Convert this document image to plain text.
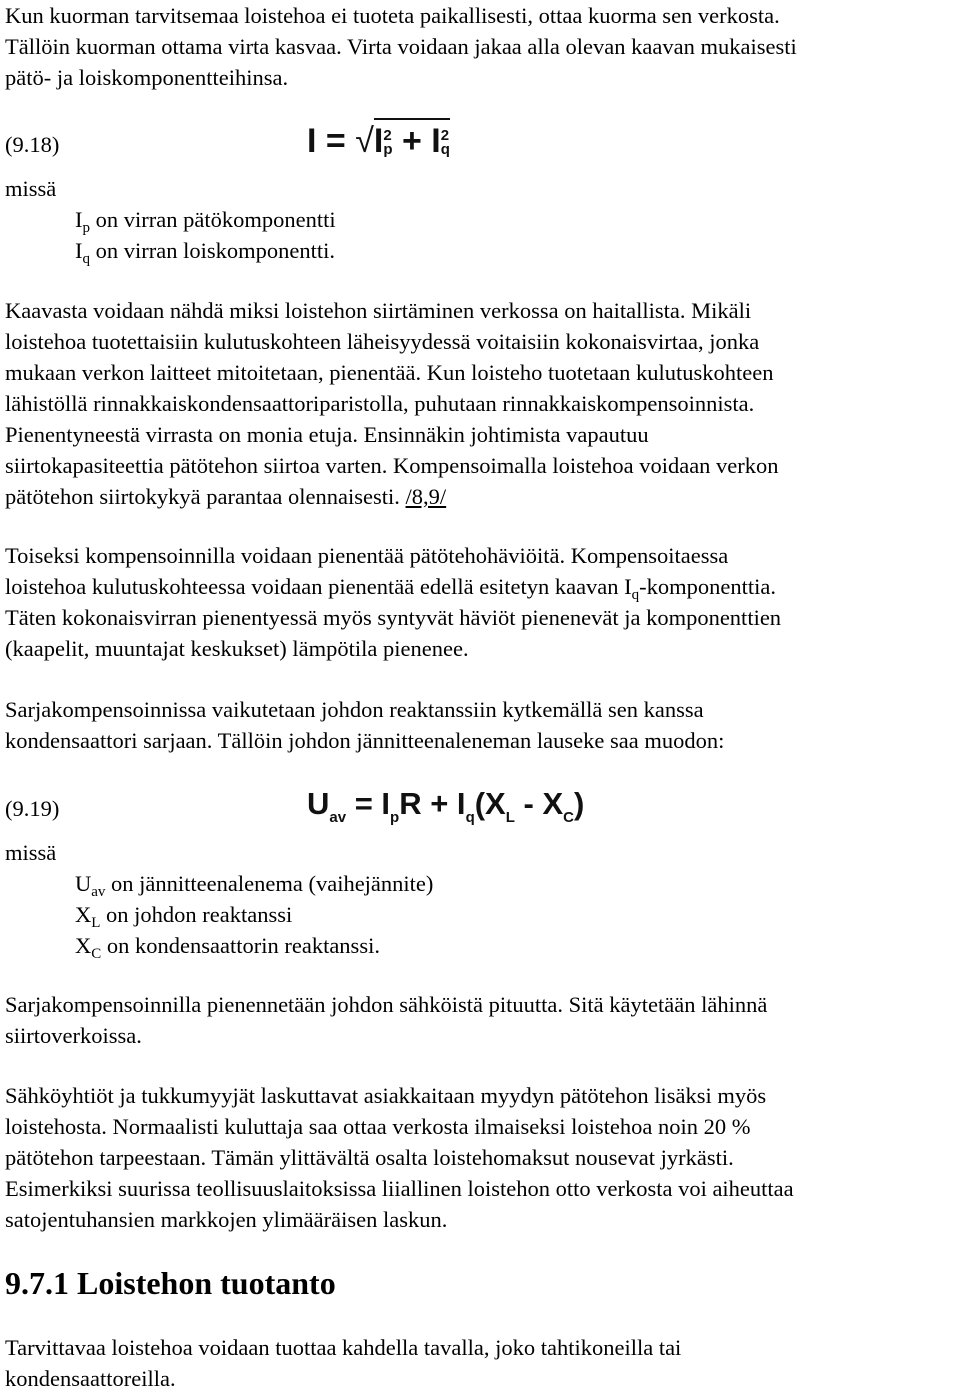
Kun kuorman tarvitsemaa loistehoa ei tuoteta paikallisesti, ottaa kuorma sen verkosta.
Tällöin kuorman ottama virta kasvaa. Virta voidaan jakaa alla olevan kaavan mukaisesti
pätö- ja loiskomponentteihinsa.
(9.18)	I = √I 2
p + I 2
q
missä
$I_p$ on virran pätökomponentti
$I_q$ on virran loiskomponentti.
Kaavasta voidaan nähdä miksi loistehon siirtäminen verkossa on haitallista. Mikäli
loistehoa tuotettaisiin kulutuskohteen läheisyydessä voitaisiin kokonaisvirtaa, jonka
mukaan verkon laitteet mitoitetaan, pienentää. Kun loisteho tuotetaan kulutuskohteen
lähistöllä rinnakkaiskondensaattoriparistolla, puhutaan rinnakkaiskompensoinnista.
Pienentyneestä virrasta on monia etuja. Ensinnäkin johtimista vapautuu
siirtokapasiteettia pätötehon siirtoa varten. Kompensoimalla loistehoa voidaan verkon
pätötehon siirtokykyä parantaa olennaisesti. /8,9/
Toiseksi kompensoinnilla voidaan pienentää pätötehohäviöitä. Kompensoitaessa
loistehoa kulutuskohteessa voidaan pienentää edellä esitetyn kaavan $I_q$-komponenttia.
Täten kokonaisvirran pienentyessä myös syntyvät häviöt pienenevät ja komponenttien
(kaapelit, muuntajat keskukset) lämpötila pienenee.
Sarjakompensoinnissa vaikutetaan johdon reaktanssiin kytkemällä sen kanssa
kondensaattori sarjaan. Tällöin johdon jännitteenaleneman lauseke saa muodon:
(9.19)	$U_{av} = I_pR + I_q(X_L - X_C)$
missä
$U_{av}$ on jännitteenalenema (vaihejännite)
$X_L$ on johdon reaktanssi
$X_C$ on kondensaattorin reaktanssi.
Sarjakompensoinnilla pienennetään johdon sähköistä pituutta. Sitä käytetään lähinnä
siirtoverkoissa.
Sähköyhtiöt ja tukkumyyjät laskuttavat asiakkaitaan myydyn pätötehon lisäksi myös
loistehosta. Normaalisti kuluttaja saa ottaa verkosta ilmaiseksi loistehoa noin 20 %
pätötehon tarpeestaan. Tämän ylittävältä osalta loistehomaksut nousevat jyrkästi.
Esimerkiksi suurissa teollisuuslaitoksissa liiallinen loistehon otto verkosta voi aiheuttaa
satojentuhansien markkojen ylimääräisen laskun.
9.7.1 Loistehon tuotanto
Tarvittavaa loistehoa voidaan tuottaa kahdella tavalla, joko tahtikoneilla tai
kondensaattoreilla.
